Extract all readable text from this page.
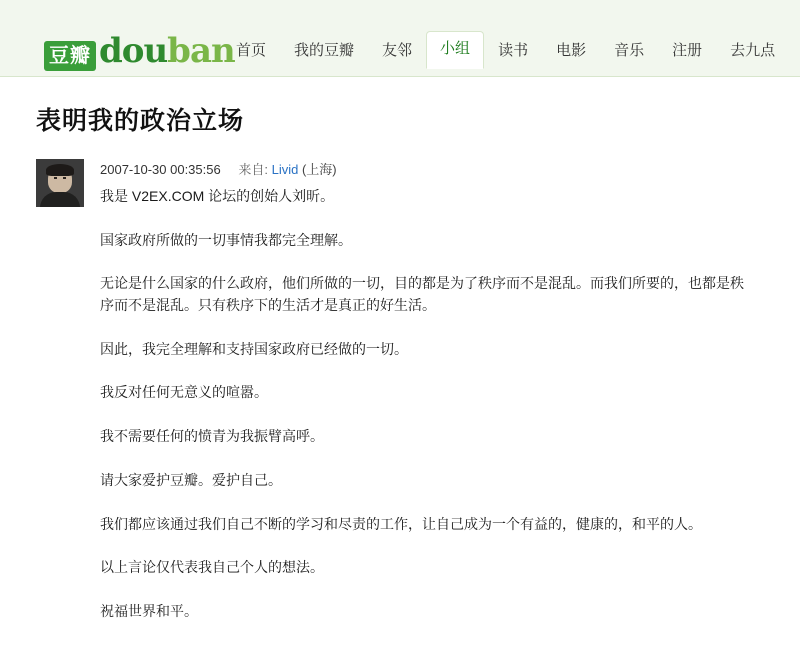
豆瓣 douban 首页	我的豆瓣	友邻	小组	读书	电影	音乐	注册	去九点
表明我的政治立场
2007-10-30 00:35:56 来自: Livid (上海)

我是 V2EX.COM 论坛的创始人刘昕。

国家政府所做的一切事情我都完全理解。

无论是什么国家的什么政府，他们所做的一切，目的都是为了秩序而不是混乱。而我们所要的，也都是秩序而不是混乱。只有秩序下的生活才是真正的好生活。

因此，我完全理解和支持国家政府已经做的一切。

我反对任何无意义的喧嚣。

我不需要任何的愤青为我振臂高呼。

请大家爱护豆瓣。爱护自己。

我们都应该通过我们自己不断的学习和尽责的工作，让自己成为一个有益的，健康的，和平的人。

以上言论仅代表我自己个人的想法。

祝福世界和平。
